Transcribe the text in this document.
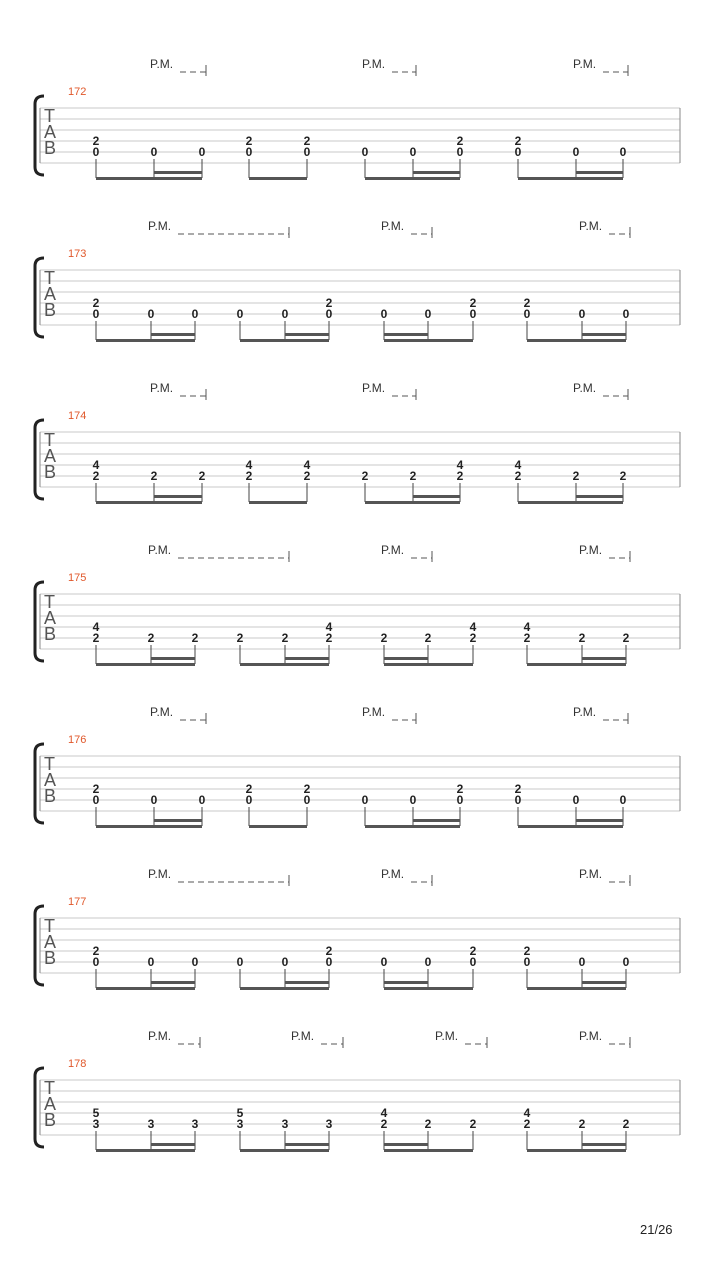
P.M.	P.M.	P.M.
172
T
A
B	2
0	0	0
2
0
2
0	0	0
2
0
2
0	0	0
P.M.	P.M.	P.M.
173
T
A
B	2
0	0	0	0	0
2
0	0	0
2
0
2
0	0	0
P.M.	P.M.	P.M.
174
T
A
B	4
2	2	2
4
2
4
2	2	2
4
2
4
2	2	2
P.M.	P.M.	P.M.
175
T
A
B	4
2	2	2	2	2
4
2	2	2
4
2
4
2	2	2
P.M.	P.M.	P.M.
176
T
A
B	2
0	0	0
2
0
2
0	0	0
2
0
2
0	0	0
P.M.	P.M.	P.M.
177
T
A
B	2
0	0	0	0	0
2
0	0	0
2
0
2
0	0	0
P.M.	P.M.	P.M.	P.M.
178
T
A
B	5
3	3	3
5
3	3	3
4
2	2	2
4
2	2	2
21/26
